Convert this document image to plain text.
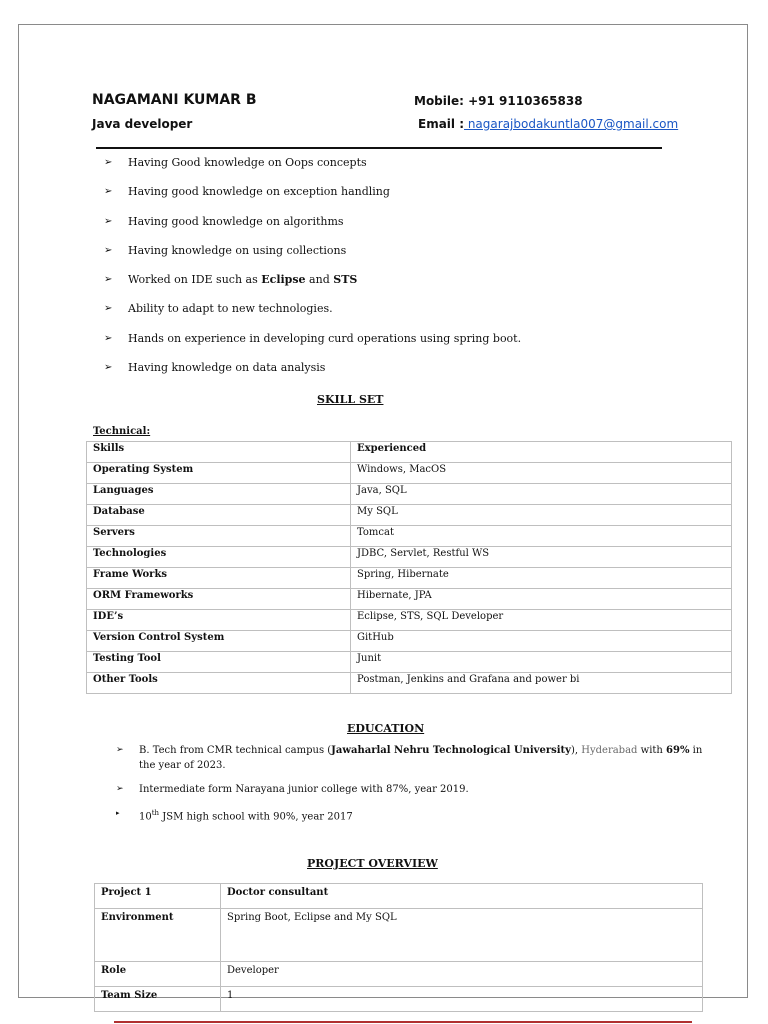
NAGAMANI KUMAR B
Java developer
Mobile: +91 9110365838
Email : nagarajbodakuntla007@gmail.com
➢ Having Good knowledge on Oops concepts
➢ Having good knowledge on exception handling
➢ Having good knowledge on algorithms
➢ Having knowledge on using collections
➢ Worked on IDE such as Eclipse and STS
➢ Ability to adapt to new technologies.
➢ Hands on experience in developing curd operations using spring boot.
➢ Having knowledge on data analysis
SKILL SET
Technical:
Skills	Experienced
Operating System	Windows, MacOS
Languages	Java, SQL
Database	My SQL
Servers	Tomcat
Technologies	JDBC, Servlet, Restful WS
Frame Works	Spring, Hibernate
ORM Frameworks	Hibernate, JPA
IDE’s	Eclipse, STS, SQL Developer
Version Control System	GitHub
Testing Tool	Junit
Other Tools	Postman, Jenkins and Grafana and power bi
EDUCATION
➢ B. Tech from CMR technical campus (Jawaharlal Nehru Technological University), Hyderabad with 69% in the year of 2023.
➢ Intermediate form Narayana junior college with 87%, year 2019.
▸ 10th JSM high school with 90%, year 2017
PROJECT OVERVIEW
Project 1	Doctor consultant
Environment	Spring Boot, Eclipse and My SQL
Role	Developer
Team Size	1
